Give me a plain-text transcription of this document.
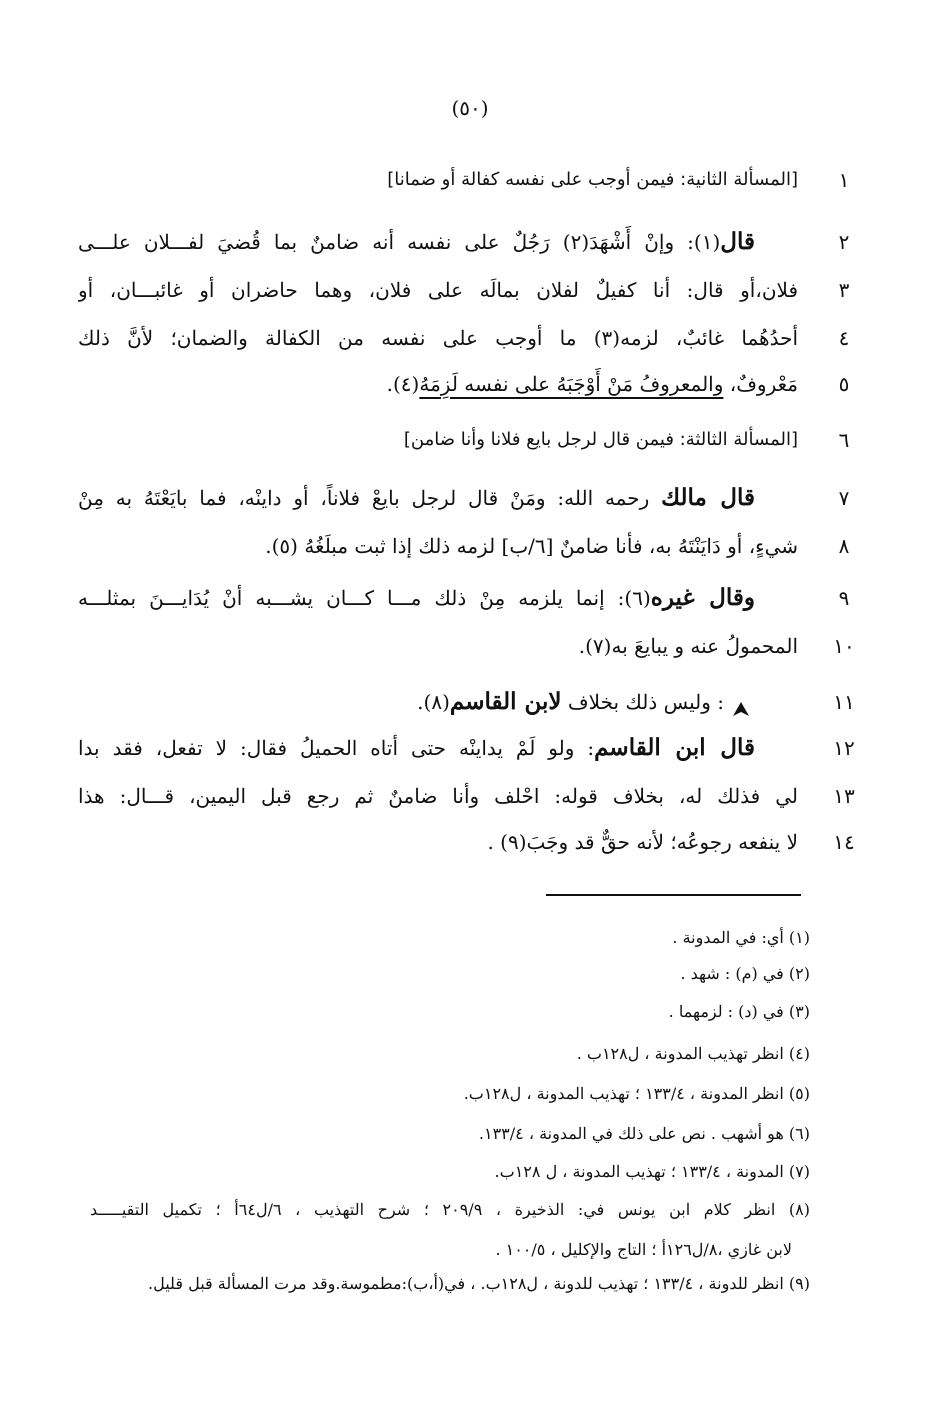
(٥٠)
١
[المسألة الثانية: فيمن أوجب على نفسه كفالة أو ضمانا]
٢
قال(١): وإنْ أَشْهَدَ(٢) رَجُلٌ على نفسه أنه ضامنٌ بما قُضيَ لفـــلان علـــى
٣
فلان،أو قال: أنا كفيلٌ لفلان بمالَه على فلان، وهما حاضران أو غائبـــان، أو
٤
أحدُهُما غائبٌ، لزمه(٣) ما أوجب على نفسه من الكفالة والضمان؛ لأنَّ ذلك
٥
مَعْروفٌ، والمعروفُ مَنْ أَوْجَبَهُ على نفسه لَزِمَهُ(٤).
٦
[المسألة الثالثة: فيمن قال لرجل بايع فلانا وأنا ضامن]
٧
قال مالك رحمه الله: ومَنْ قال لرجل بايعْ فلاناً، أو داينْه، فما بايَعْتَهُ به مِنْ
٨
شيءٍ، أو دَايَنْتَهُ به، فأنا ضامنٌ [٦/ب] لزمه ذلك إذا ثبت مبلَغُهُ (٥).
٩
وقال غيره(٦): إنما يلزمه مِنْ ذلك مـــا كـــان يشـــبه أنْ يُدَايـــنَ بمثلـــه
١٠
المحمولُ عنه و يبايعَ به(٧).
١١
: وليس ذلك بخلاف لابن القاسم(٨).
١٢
قال ابن القاسم: ولو لَمْ يداينْه حتى أتاه الحميلُ فقال: لا تفعل، فقد بدا
١٣
لي فذلك له، بخلاف قوله: احْلف وأنا ضامنٌ ثم رجع قبل اليمين، قـــال: هذا
١٤
لا ينفعه رجوعُه؛ لأنه حقٌّ قد وجَبَ(٩) .
(١) أي: في المدونة .
(٢) في (م) : شهد .
(٣) في (د) : لزمهما .
(٤) انظر تهذيب المدونة ، ل١٢٨ب .
(٥) انظر المدونة ، ١٣٣/٤ ؛ تهذيب المدونة ، ل١٢٨ب.
(٦) هو أشهب . نص على ذلك في المدونة ، ١٣٣/٤.
(٧) المدونة ، ١٣٣/٤ ؛ تهذيب المدونة ، ل ١٢٨ب.
(٨) انظر كلام ابن يونس في: الذخيرة ، ٢٠٩/٩ ؛ شرح التهذيب ، ٦/ل٦٤أ ؛ تكميل التقيـــــد
لابن غازي ،٨/ل١٢٦أ ؛ التاج والإكليل ، ١٠٠/٥ .
(٩) انظر للدونة ، ١٣٣/٤ ؛ تهذيب للدونة ، ل١٢٨ب. ، في(أ،ب):مطموسة.وقد مرت المسألة قبل قليل.
